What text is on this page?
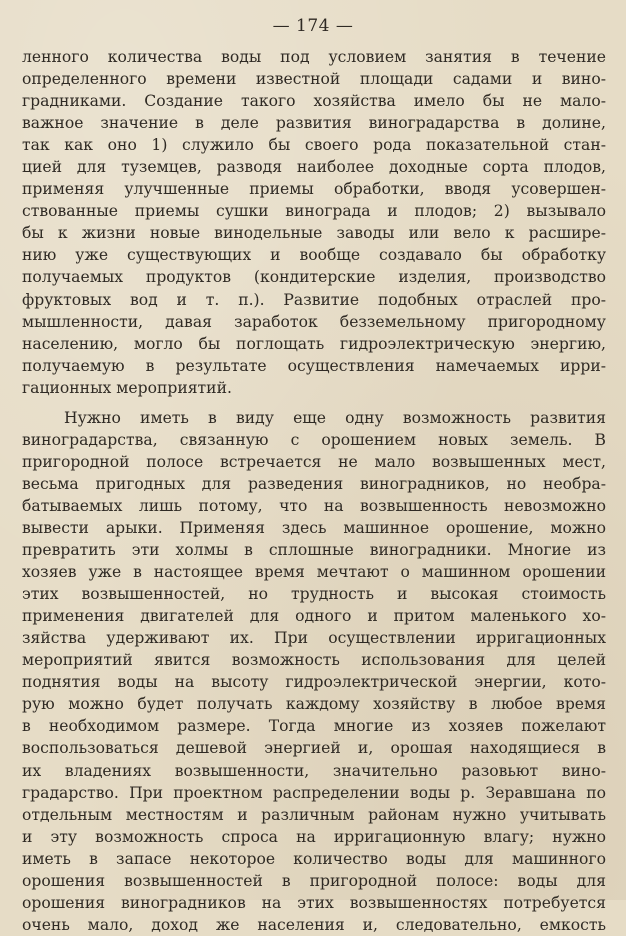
— 174 —
ленного количества воды под условием занятия в течение
определенного времени известной площади садами и вино-
градниками. Создание такого хозяйства имело бы не мало-
важное значение в деле развития виноградарства в долине,
так как оно 1) служило бы своего рода показательной стан-
цией для туземцев, разводя наиболее доходные сорта плодов,
применяя улучшенные приемы обработки, вводя усовершен-
ствованные приемы сушки винограда и плодов; 2) вызывало
бы к жизни новые винодельные заводы или вело к расшире-
нию уже существующих и вообще создавало бы обработку
получаемых продуктов (кондитерские изделия, производство
фруктовых вод и т. п.). Развитие подобных отраслей про-
мышленности, давая заработок безземельному пригородному
населению, могло бы поглощать гидроэлектрическую энергию,
получаемую в результате осуществления намечаемых ирри-
гационных мероприятий.
Нужно иметь в виду еще одну возможность развития
виноградарства, связанную с орошением новых земель. В
пригородной полосе встречается не мало возвышенных мест,
весьма пригодных для разведения виноградников, но необра-
батываемых лишь потому, что на возвышенность невозможно
вывести арыки. Применяя здесь машинное орошение, можно
превратить эти холмы в сплошные виноградники. Многие из
хозяев уже в настоящее время мечтают о машинном орошении
этих возвышенностей, но трудность и высокая стоимость
применения двигателей для одного и притом маленького хо-
зяйства удерживают их. При осуществлении ирригационных
мероприятий явится возможность использования для целей
поднятия воды на высоту гидроэлектрической энергии, кото-
рую можно будет получать каждому хозяйству в любое время
в необходимом размере. Тогда многие из хозяев пожелают
воспользоваться дешевой энергией и, орошая находящиеся в
их владениях возвышенности, значительно разовьют вино-
градарство. При проектном распределении воды р. Зеравшана по
отдельным местностям и различным районам нужно учитывать
и эту возможность спроса на ирригационную влагу; нужно
иметь в запасе некоторое количество воды для машинного
орошения возвышенностей в пригородной полосе: воды для
орошения виноградников на этих возвышенностях потребуется
очень мало, доход же населения и, следовательно, емкость
